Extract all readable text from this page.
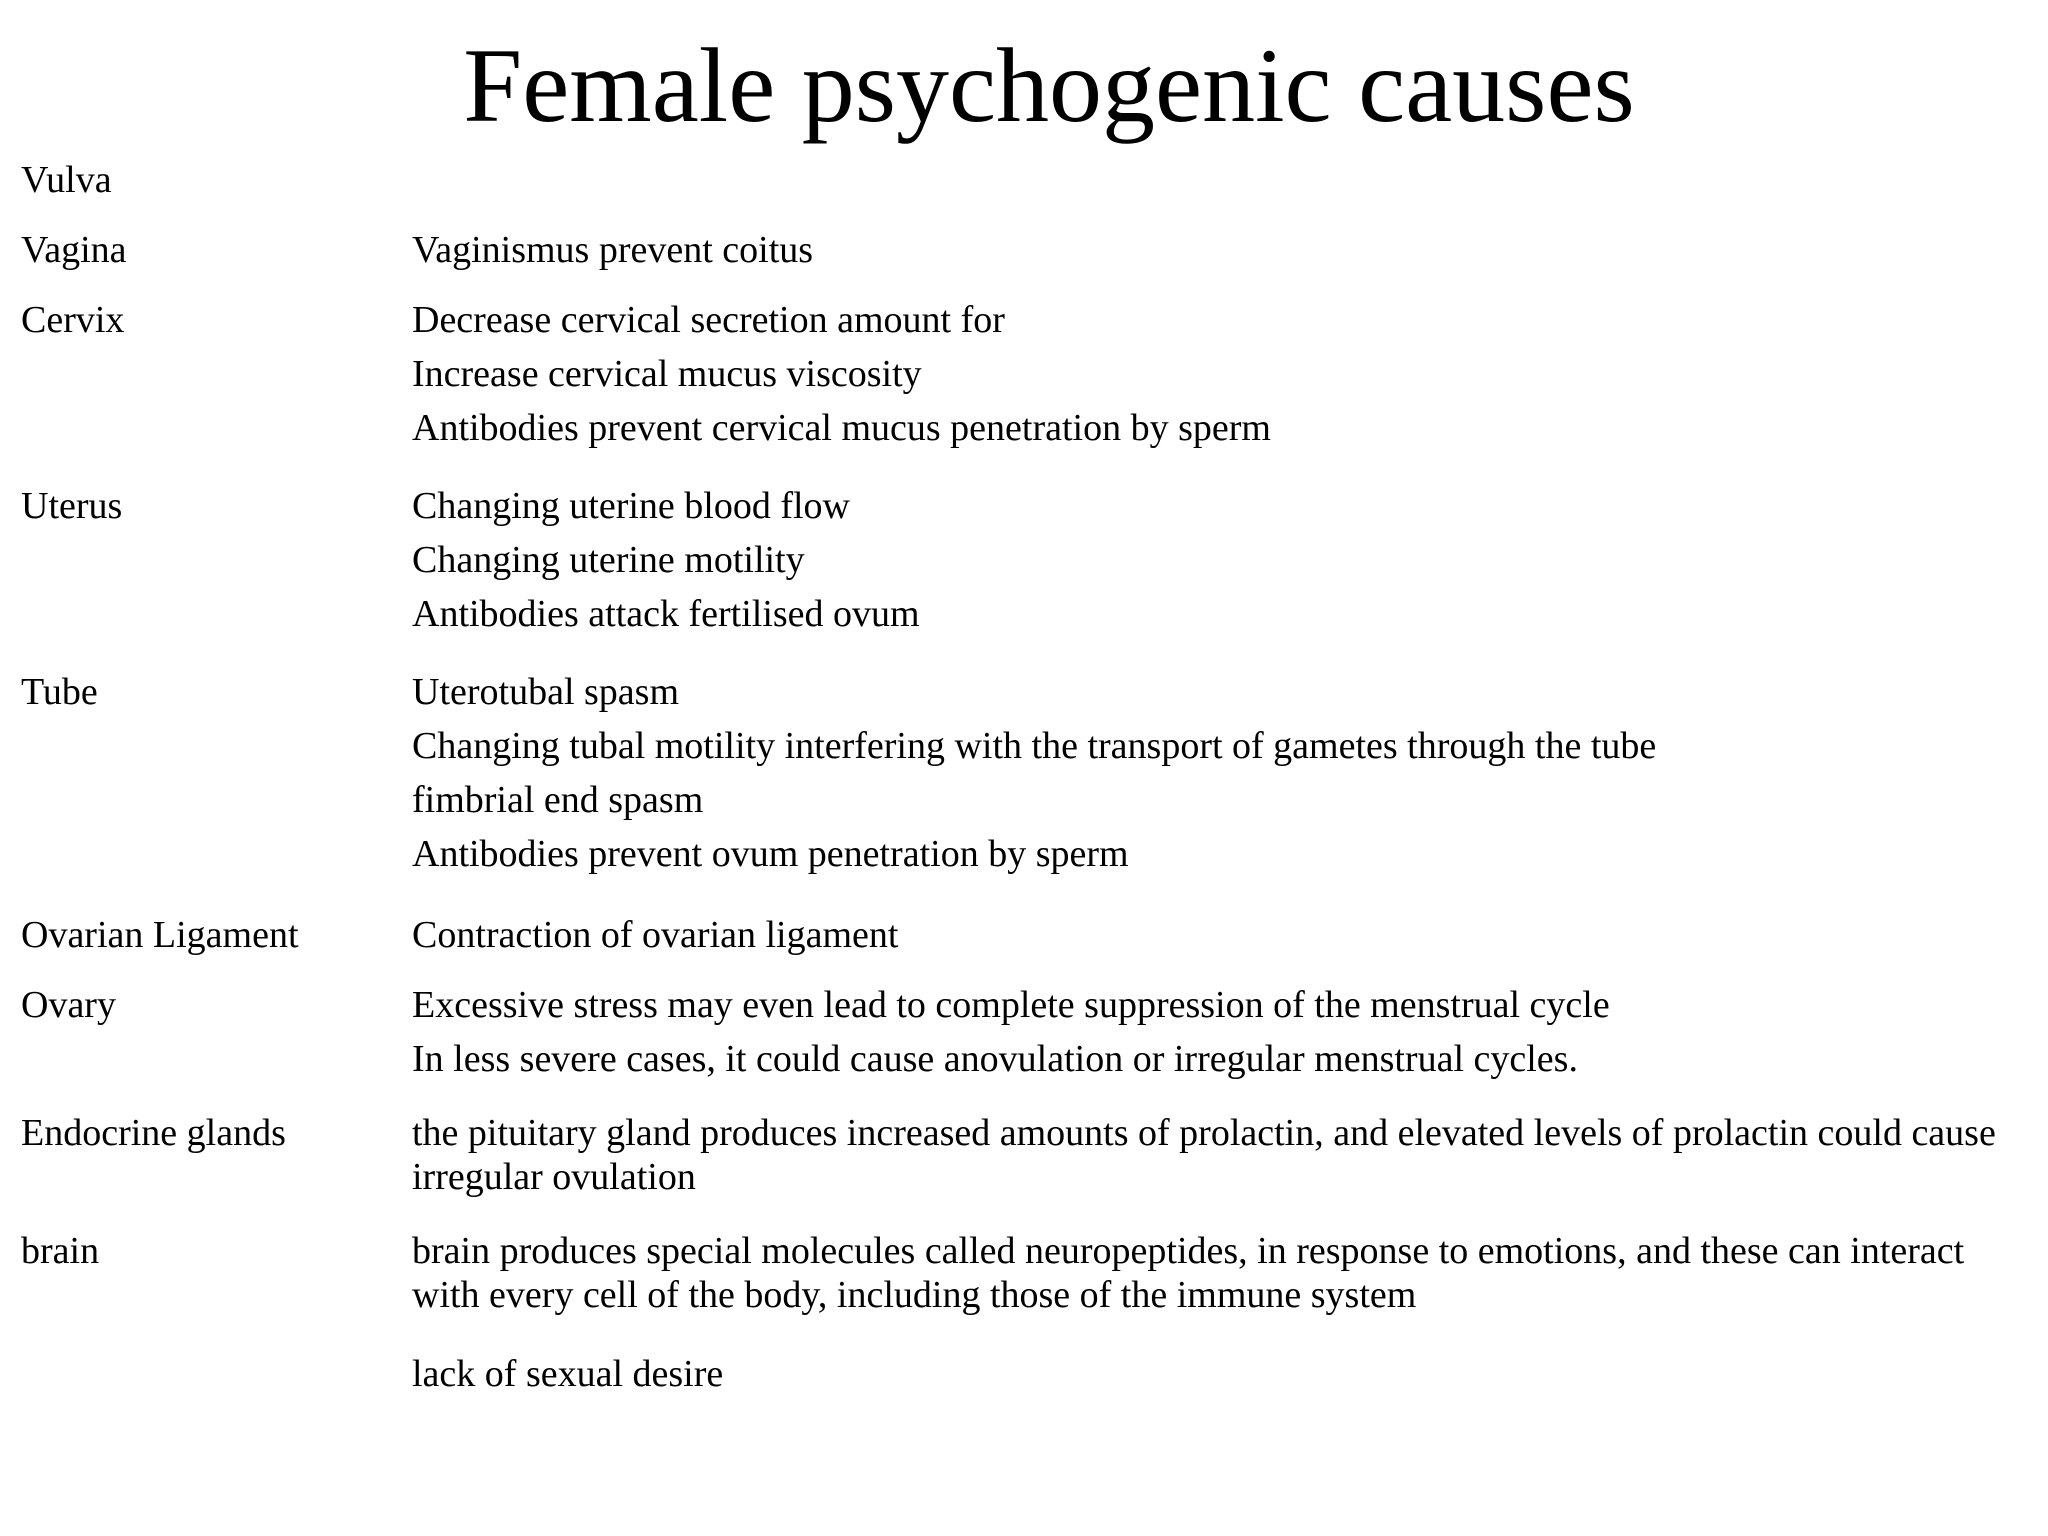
Female psychogenic causes
Vulva
Vagina	Vaginismus prevent coitus
Cervix	Decrease cervical secretion amount for
Increase cervical mucus viscosity
Antibodies prevent cervical mucus penetration by sperm
Uterus	Changing uterine blood flow
Changing uterine motility
Antibodies attack fertilised ovum
Tube	Uterotubal spasm
Changing tubal motility interfering with the transport of gametes through the tube
fimbrial end spasm
Antibodies prevent ovum penetration by sperm
Ovarian Ligament	Contraction of ovarian ligament
Ovary	Excessive stress may even lead to complete suppression of the menstrual cycle
In less severe cases, it could cause anovulation or irregular menstrual cycles.
Endocrine glands	the pituitary gland produces increased amounts of prolactin, and elevated levels of prolactin could cause irregular ovulation
brain	brain produces special molecules called neuropeptides, in response to emotions, and these can interact with every cell of the body, including those of the immune system
lack of sexual desire
